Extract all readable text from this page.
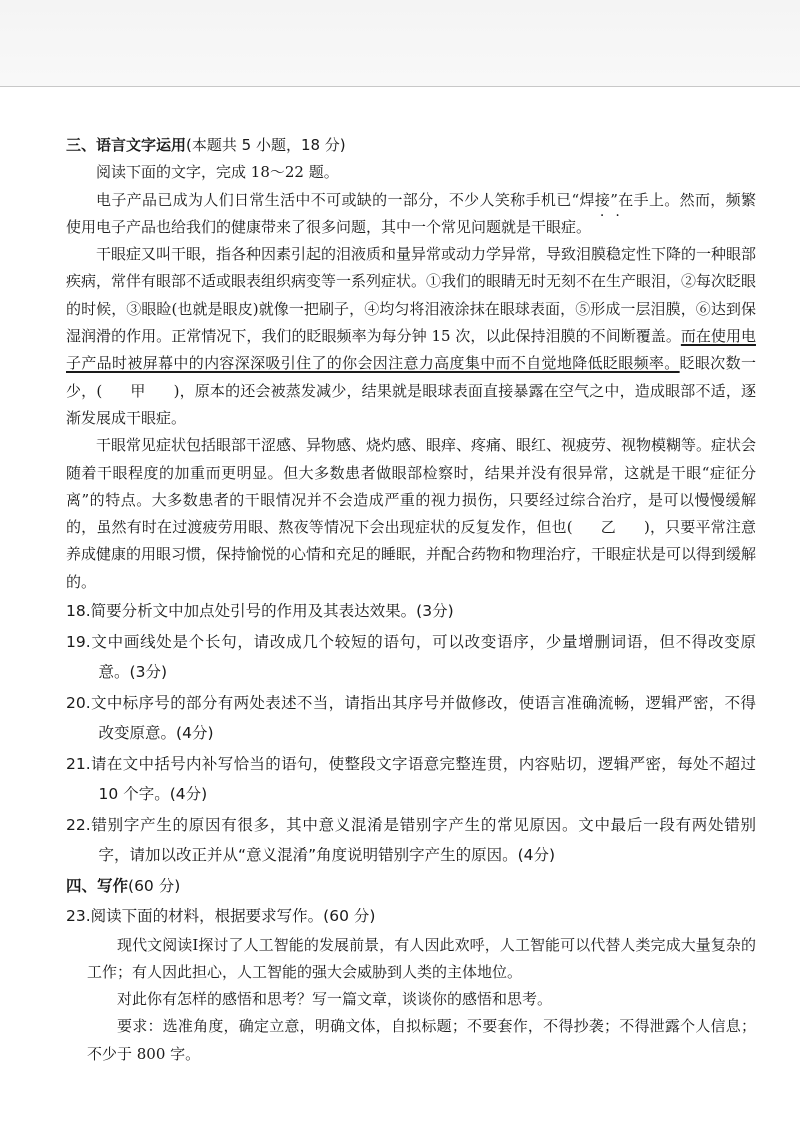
三、语言文字运用(本题共 5 小题，18 分)

阅读下面的文字，完成 18～22 题。

电子产品已成为人们日常生活中不可或缺的一部分，不少人笑称手机已“焊接”在手上。然而，频繁使用电子产品也给我们的健康带来了很多问题，其中一个常见问题就是干眼症。

干眼症又叫干眼，指各种因素引起的泪液质和量异常或动力学异常，导致泪膜稳定性下降的一种眼部疾病，常伴有眼部不适或眼表组织病变等一系列症状。①我们的眼睛无时无刻不在生产眼泪，②每次眨眼的时候，③眼睑(也就是眼皮)就像一把刷子，④均匀将泪液涂抹在眼球表面，⑤形成一层泪膜，⑥达到保湿润滑的作用。正常情况下，我们的眨眼频率为每分钟 15 次，以此保持泪膜的不间断覆盖。而在使用电子产品时被屏幕中的内容深深吸引住了的你会因注意力高度集中而不自觉地降低眨眼频率。眨眼次数一少，( 甲 )，原本的还会被蒸发减少，结果就是眼球表面直接暴露在空气之中，造成眼部不适，逐渐发展成干眼症。

干眼常见症状包括眼部干涩感、异物感、烧灼感、眼痒、疼痛、眼红、视疲劳、视物模糊等。症状会随着干眼程度的加重而更明显。但大多数患者做眼部检察时，结果并没有很异常，这就是干眼“症征分离”的特点。大多数患者的干眼情况并不会造成严重的视力损伤，只要经过综合治疗，是可以慢慢缓解的，虽然有时在过渡疲劳用眼、熬夜等情况下会出现症状的反复发作，但也( 乙 )，只要平常注意养成健康的用眼习惯，保持愉悦的心情和充足的睡眠，并配合药物和物理治疗，干眼症状是可以得到缓解的。

18.简要分析文中加点处引号的作用及其表达效果。(3分)

19.文中画线处是个长句，请改成几个较短的语句，可以改变语序，少量增删词语，但不得改变原意。(3分)

20.文中标序号的部分有两处表述不当，请指出其序号并做修改，使语言准确流畅，逻辑严密，不得改变原意。(4分)

21.请在文中括号内补写恰当的语句，使整段文字语意完整连贯，内容贴切，逻辑严密，每处不超过 10 个字。(4分)

22.错别字产生的原因有很多，其中意义混淆是错别字产生的常见原因。文中最后一段有两处错别字，请加以改正并从“意义混淆”角度说明错别字产生的原因。(4分)

四、写作(60 分)

23.阅读下面的材料，根据要求写作。(60 分)

现代文阅读Ⅰ探讨了人工智能的发展前景，有人因此欢呼，人工智能可以代替人类完成大量复杂的工作；有人因此担心，人工智能的强大会威胁到人类的主体地位。

对此你有怎样的感悟和思考？写一篇文章，谈谈你的感悟和思考。

要求：选准角度，确定立意，明确文体，自拟标题；不要套作，不得抄袭；不得泄露个人信息；不少于 800 字。
